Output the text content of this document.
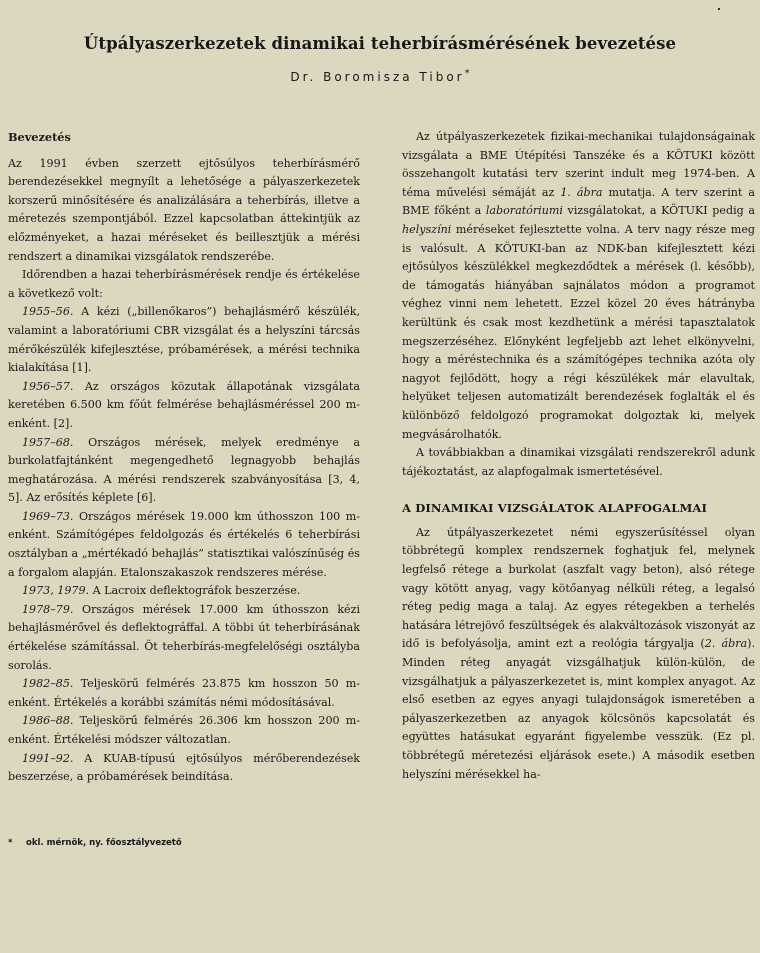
Útpályaszerkezetek dinamikai teherbírásmérésének bevezetése
Dr. Boromisza Tibor*
Bevezetés

Az 1991 évben szerzett ejtősúlyos teherbírásmérő berendezésekkel megnyílt a lehetősége a pályaszerkezetek korszerű minősítésére és analizálására a teherbírás, illetve a méretezés szempontjából. Ezzel kapcsolatban áttekintjük az előzményeket, a hazai méréseket és beillesztjük a mérési rendszert a dinamikai vizsgálatok rendszerébe.

Időrendben a hazai teherbírásmérések rendje és értékelése a következő volt:

1955–56. A kézi („billenőkaros”) behajlásmérő készülék, valamint a laboratóriumi CBR vizsgálat és a helyszíni tárcsás mérőkészülék kifejlesztése, próbamérések, a mérési technika kialakítása [1].

1956–57. Az országos közutak állapotának vizsgálata keretében 6.500 km főút felmérése behajlásméréssel 200 m-enként. [2].

1957–68. Országos mérések, melyek eredménye a burkolatfajtánként megengedhető legnagyobb behajlás meghatározása. A mérési rendszerek szabványosítása [3, 4, 5]. Az erősítés képlete [6].

1969–73. Országos mérések 19.000 km úthosszon 100 m-enként. Számítógépes feldolgozás és értékelés 6 teherbírási osztályban a „mértékadó behajlás” statisztikai valószínűség és a forgalom alapján. Etalonszakaszok rendszeres mérése.

1973, 1979. A Lacroix deflektográfok beszerzése.

1978–79. Országos mérések 17.000 km úthosszon kézi behajlásmérővel és deflektográffal. A többi út teherbírásának értékelése számítással. Öt teherbírás-megfelelőségi osztályba sorolás.

1982–85. Teljeskörű felmérés 23.875 km hosszon 50 m-enként. Értékelés a korábbi számítás némi módosításával.

1986–88. Teljeskörű felmérés 26.306 km hosszon 200 m-enként. Értékelési módszer változatlan.

1991–92. A KUAB-típusú ejtősúlyos mérőberendezések beszerzése, a próbamérések beindítása.

* okl. mérnök, ny. főosztályvezető

Az útpályaszerkezetek fizikai-mechanikai tulajdonságainak vizsgálata a BME Útépítési Tanszéke és a KÖTUKI között összehangolt kutatási terv szerint indult meg 1974-ben. A téma művelési sémáját az 1. ábra mutatja. A terv szerint a BME főként a laboratóriumi vizsgálatokat, a KÖTUKI pedig a helyszíni méréseket fejlesztette volna. A terv nagy része meg is valósult. A KÖTUKI-ban az NDK-ban kifejlesztett kézi ejtősúlyos készülékkel megkezdődtek a mérések (l. később), de támogatás hiányában sajnálatos módon a programot véghez vinni nem lehetett. Ezzel közel 20 éves hátrányba kerültünk és csak most kezdhetünk a mérési tapasztalatok megszerzéséhez. Előnyként legfeljebb azt lehet elkönyvelni, hogy a méréstechnika és a számítógépes technika azóta oly nagyot fejlődött, hogy a régi készülékek már elavultak, helyüket teljesen automatizált berendezések foglalták el és különböző feldolgozó programokat dolgoztak ki, melyek megvásárolhatók.

A továbbiakban a dinamikai vizsgálati rendszerekről adunk tájékoztatást, az alapfogalmak ismertetésével.

A DINAMIKAI VIZSGÁLATOK ALAPFOGALMAI

Az útpályaszerkezetet némi egyszerűsítéssel olyan többrétegű komplex rendszernek foghatjuk fel, melynek legfelső rétege a burkolat (aszfalt vagy beton), alsó rétege vagy kötött anyag, vagy kötőanyag nélküli réteg, a legalsó réteg pedig maga a talaj. Az egyes rétegekben a terhelés hatására létrejövő feszültségek és alakváltozások viszonyát az idő is befolyásolja, amint ezt a reológia tárgyalja (2. ábra). Minden réteg anyagát vizsgálhatjuk külön-külön, de vizsgálhatjuk a pályaszerkezetet is, mint komplex anyagot. Az első esetben az egyes anyagi tulajdonságok ismeretében a pályaszerkezetben az anyagok kölcsönös kapcsolatát és együttes hatásukat egyaránt figyelembe vesszük. (Ez pl. többrétegű méretezési eljárások esete.) A második esetben helyszíni mérésekkel ha-
